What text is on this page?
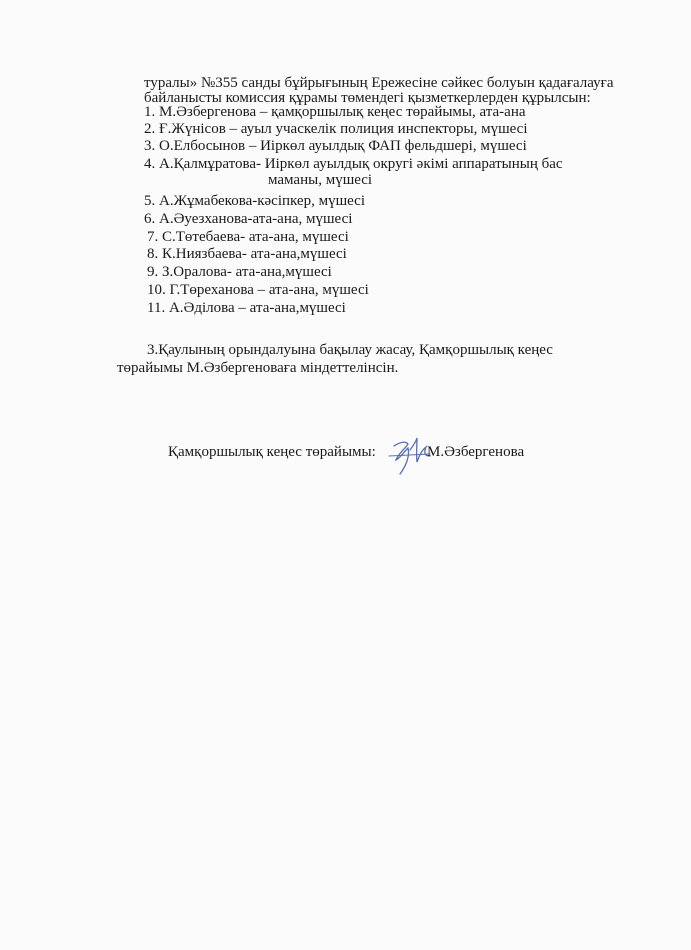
туралы» №355 санды бұйрығының Ережесіне сәйкес болуын қадағалауға
байланысты комиссия құрамы төмендегі қызметкерлерден құрылсын:
1. М.Әзбергенова – қамқоршылық кеңес төрайымы, ата-ана
2. Ғ.Жүнісов – ауыл учаскелік полиция инспекторы, мүшесі
3. О.Елбосынов – Иіркөл ауылдық ФАП фельдшері, мүшесі
4. А.Қалмұратова- Иіркөл ауылдық округі әкімі аппаратының бас
маманы, мүшесі
5. А.Жұмабекова-кәсіпкер, мүшесі
6. А.Әуезханова-ата-ана, мүшесі
7. С.Төтебаева- ата-ана, мүшесі
8. К.Ниязбаева- ата-ана,мүшесі
9. З.Оралова- ата-ана,мүшесі
10. Г.Төреханова – ата-ана, мүшесі
11. А.Әділова – ата-ана,мүшесі
3.Қаулының орындалуына бақылау жасау, Қамқоршылық кеңес
төрайымы М.Әзбергеноваға міндеттелінсін.
Қамқоршылық кеңес төрайымы:	М.Әзбергенова
